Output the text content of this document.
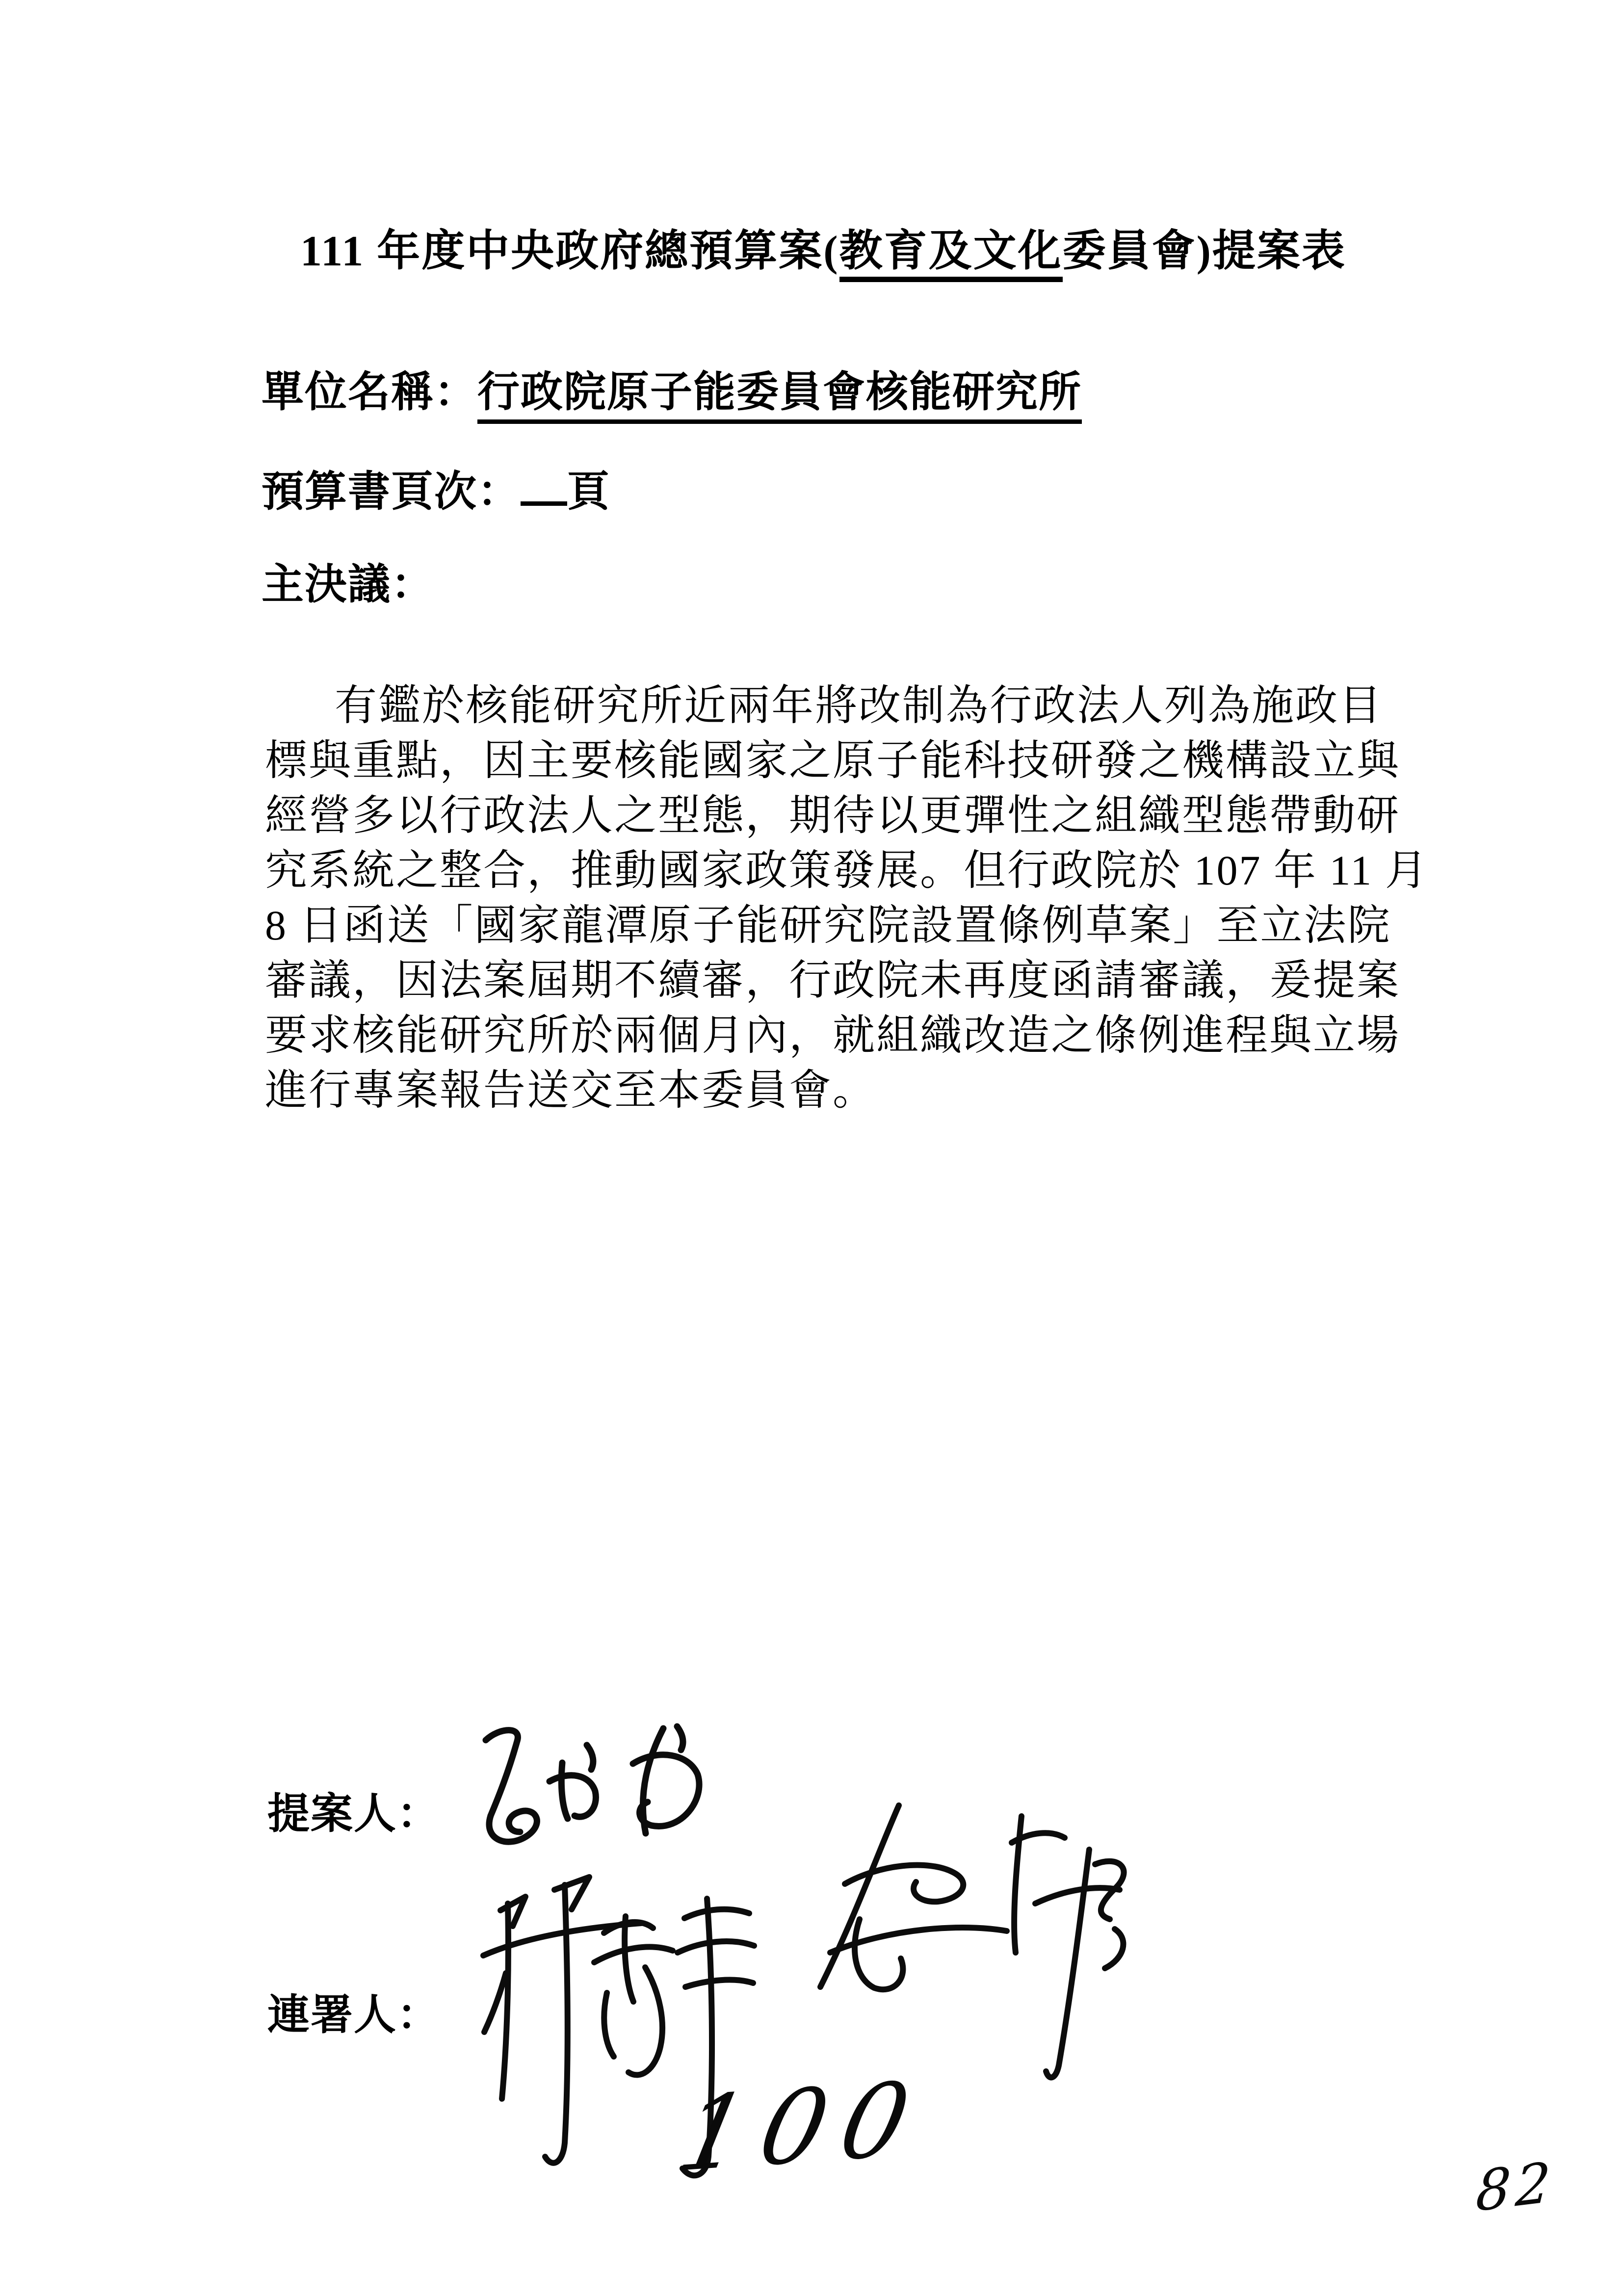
111 年度中央政府總預算案(教育及文化委員會)提案表
單位名稱：行政院原子能委員會核能研究所
預算書頁次： 頁
主決議：
有鑑於核能研究所近兩年將改制為行政法人列為施政目
標與重點，因主要核能國家之原子能科技研發之機構設立與
經營多以行政法人之型態，期待以更彈性之組織型態帶動研
究系統之整合，推動國家政策發展。但行政院於 107 年 11 月
8 日函送「國家龍潭原子能研究院設置條例草案」至立法院
審議，因法案屆期不續審，行政院未再度函請審議，爰提案
要求核能研究所於兩個月內，就組織改造之條例進程與立場
進行專案報告送交至本委員會。
提案人：
連署人：
100	82
